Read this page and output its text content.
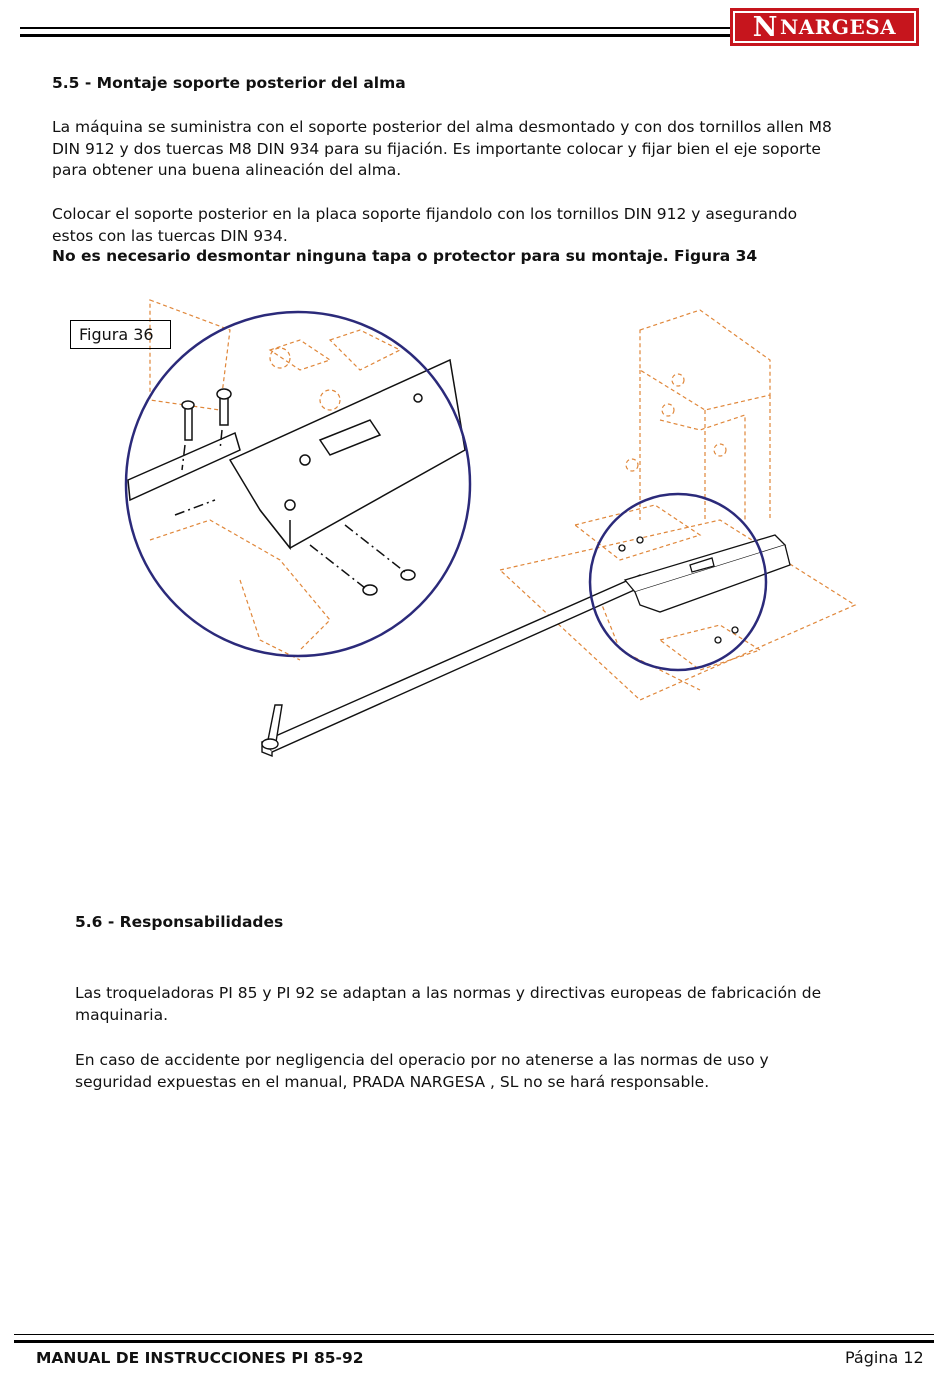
N NARGESA
5.5 - Montaje soporte posterior del alma
La máquina se suministra con el soporte posterior del alma desmontado y con dos tornillos allen M8
DIN 912 y dos tuercas M8 DIN 934 para su fijación. Es importante colocar y fijar bien el eje soporte
para obtener una buena alineación del alma.
Colocar el soporte posterior en la placa soporte fijandolo con los tornillos DIN 912 y asegurando
estos con las tuercas DIN 934.
No es necesario desmontar ninguna tapa o protector para su montaje. Figura 34
Figura 36
5.6 - Responsabilidades
Las troqueladoras PI 85 y PI 92 se adaptan a las normas y directivas europeas de fabricación de
maquinaria.
En caso de accidente por negligencia del operacio por no atenerse a las normas de uso y
seguridad expuestas en el manual, PRADA NARGESA , SL no se hará responsable.
MANUAL DE INSTRUCCIONES PI 85-92	Página 12
